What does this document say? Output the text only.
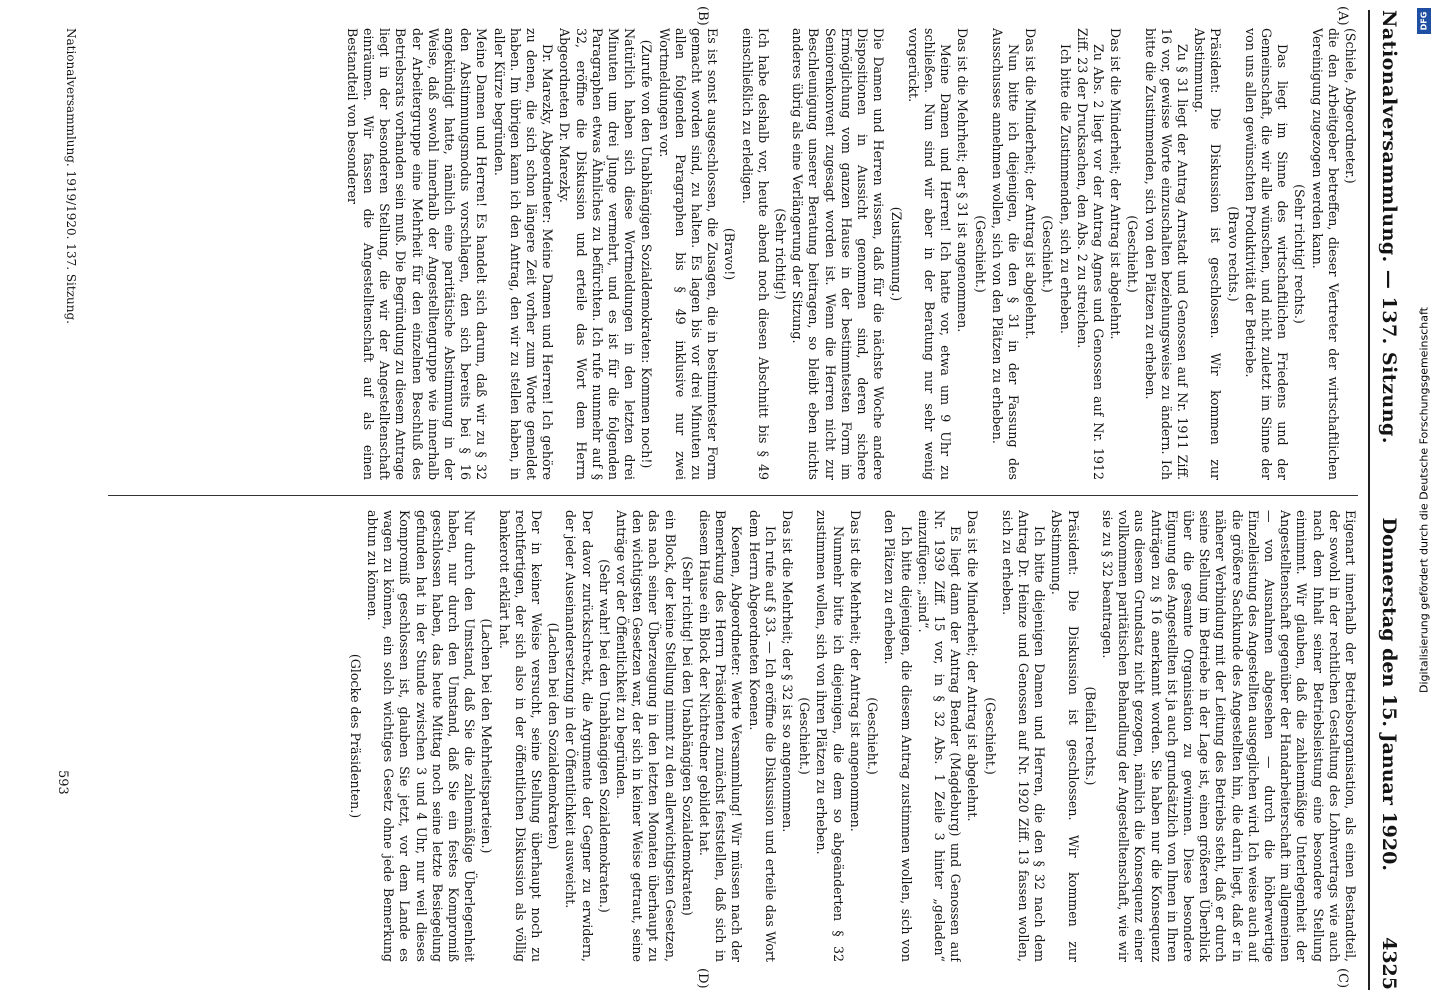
Nationalversammlung. — 137. Sitzung.
Donnerstag den 15. Januar 1920.          4325
(A)
(B)
(C)
(D)

(Schiele, Abgeordneter.)

die den Arbeitgeber betreffen, dieser Vertreter der wirtschaftlichen Vereinigung zugezogen werden kann.

(Sehr richtig! rechts.)

Das liegt im Sinne des wirtschaftlichen Friedens und der Gemeinschaft, die wir alle wünschen, und nicht zuletzt im Sinne der von uns allen gewünschten Produktivität der Betriebe.

(Bravo rechts.)

Präsident: Die Diskussion ist geschlossen. Wir kommen zur Abstimmung.

Zu § 31 liegt der Antrag Arnstadt und Genossen auf Nr. 1911 Ziff. 16 vor, gewisse Worte einzuschalten beziehungsweise zu ändern. Ich bitte die Zustimmenden, sich von den Plätzen zu erheben.

(Geschieht.)

Das ist die Minderheit; der Antrag ist abgelehnt.

Zu Abs. 2 liegt vor der Antrag Agnes und Genossen auf Nr. 1912 Ziff. 23 der Drucksachen, den Abs. 2 zu streichen.

Ich bitte die Zustimmenden, sich zu erheben.

(Geschieht.)

Das ist die Minderheit; der Antrag ist abgelehnt.

Nun bitte ich diejenigen, die den § 31 in der Fassung des Ausschusses annehmen wollen, sich von den Plätzen zu erheben.

(Geschieht.)

Das ist die Mehrheit; der § 31 ist angenommen.

Meine Damen und Herren! Ich hatte vor, etwa um 9 Uhr zu schließen. Nun sind wir aber in der Beratung nur sehr wenig vorgerückt.

(Zustimmung.)

Die Damen und Herren wissen, daß für die nächste Woche andere Dispositionen in Aussicht genommen sind, deren sichere Ermöglichung vom ganzen Hause in der bestimmtesten Form im Seniorenkonvent zugesagt worden ist. Wenn die Herren nicht zur Beschleunigung unserer Beratung beitragen, so bleibt eben nichts anderes übrig als eine Verlängerung der Sitzung.

(Sehr richtig!)

Ich habe deshalb vor, heute abend noch diesen Abschnitt bis § 49 einschließlich zu erledigen.

(Bravo!)

Es ist sonst ausgeschlossen, die Zusagen, die in bestimmtester Form gemacht worden sind, zu halten. Es lagen bis vor drei Minuten zu allen folgenden Paragraphen bis § 49 inklusive nur zwei Wortmeldungen vor.

(Zurufe von den Unabhängigen Sozialdemokraten: Kommen noch!)

Natürlich haben sich diese Wortmeldungen in den letzten drei Minuten um drei Junge vermehrt, und es ist für die folgenden Paragraphen etwas Ähnliches zu befürchten. Ich rufe nunmehr auf § 32, eröffne die Diskussion und erteile das Wort dem Herrn Abgeordneten Dr. Marezky.

Dr. Marezky, Abgeordneter: Meine Damen und Herren! Ich gehöre zu denen, die sich schon längere Zeit vorher zum Worte gemeldet haben. Im übrigen kann ich den Antrag, den wir zu stellen haben, in aller Kürze begründen.

Meine Damen und Herren! Es handelt sich darum, daß wir zu § 32 den Abstimmungsmodus vorschlagen, den sich bereits bei § 16 angekündigt hatte, nämlich eine paritätische Abstimmung in der Weise, daß sowohl innerhalb der Angestelltengruppe wie innerhalb der Arbeitergruppe eine Mehrheit für den einzelnen Beschluß des Betriebsrats vorhanden sein muß. Die Begründung zu diesem Antrage liegt in der besonderen Stellung, die wir der Angestelltenschaft einräumen. Wir fassen die Angestelltenschaft auf als einen Bestandteil von besonderer

Eigenart innerhalb der Betriebsorganisation, als einen Bestandteil, der sowohl in der rechtlichen Gestaltung des Lohnvertrags wie auch nach dem Inhalt seiner Betriebsleistung eine besondere Stellung einnimmt. Wir glauben, daß die zahlenmäßige Unterlegenheit der Angestelltenschaft gegenüber der Handarbeiterschaft im allgemeinen — von Ausnahmen abgesehen — durch die höherwertige Einzelleistung des Angestellten ausgeglichen wird. Ich weise auch auf die größere Sachkunde des Angestellten hin, die darin liegt, daß er in näherer Verbindung mit der Leitung des Betriebs steht, daß er durch seine Stellung im Betriebe in der Lage ist, einen größeren Überblick über die gesamte Organisation zu gewinnen. Diese besondere Eignung des Angestellten ist ja auch grundsätzlich von Ihnen in Ihren Anträgen zu § 16 anerkannt worden. Sie haben nur die Konsequenz aus diesem Grundsatz nicht gezogen, nämlich die Konsequenz einer vollkommen paritätischen Behandlung der Angestelltenschaft, wie wir sie zu § 32 beantragen.

(Beifall rechts.)

Präsident: Die Diskussion ist geschlossen. Wir kommen zur Abstimmung.

Ich bitte diejenigen Damen und Herren, die den § 32 nach dem Antrag Dr. Heinze und Genossen auf Nr. 1920 Ziff. 13 fassen wollen, sich zu erheben.

(Geschieht.)

Das ist die Minderheit; der Antrag ist abgelehnt.

Es liegt dann der Antrag Bender (Magdeburg) und Genossen auf Nr. 1939 Ziff. 15 vor, in § 32 Abs. 1 Zeile 3 hinter „geladen“ einzufügen: „sind“.

Ich bitte diejenigen, die diesem Antrag zustimmen wollen, sich von den Plätzen zu erheben.

(Geschieht.)

Das ist die Mehrheit; der Antrag ist angenommen.

Nunmehr bitte ich diejenigen, die dem so abgeänderten § 32 zustimmen wollen, sich von ihren Plätzen zu erheben.

(Geschieht.)

Das ist die Mehrheit; der § 32 ist so angenommen.

Ich rufe auf § 33. — Ich eröffne die Diskussion und erteile das Wort dem Herrn Abgeordneten Koenen.

Koenen, Abgeordneter: Werte Versammlung! Wir müssen nach der Bemerkung des Herrn Präsidenten zunächst feststellen, daß sich in diesem Hause ein Block der Nichtredner gebildet hat.

(Sehr richtig! bei den Unabhängigen Sozialdemokraten)

ein Block, der keine Stellung nimmt zu den allerwichtigsten Gesetzen, das nach seiner Überzeugung in den letzten Monaten überhaupt zu den wichtigsten Gesetzen war, der sich in keiner Weise getraut, seine Anträge vor der Öffentlichkeit zu begründen.

(Sehr wahr! bei den Unabhängigen Sozialdemokraten.)

Der davor zurückschreckt, die Argumente der Gegner zu erwidern, der jeder Auseinandersetzung in der Öffentlichkeit ausweicht.

(Lachen bei den Sozialdemokraten)

Der in keiner Weise versucht, seine Stellung überhaupt noch zu rechtfertigen, der sich also in der öffentlichen Diskussion als völlig bankerott erklärt hat.

(Lachen bei den Mehrheitsparteien.)

Nur durch den Umstand, daß Sie die zahlenmäßige Überlegenheit haben, nur durch den Umstand, daß Sie ein festes Kompromiß geschlossen haben, das heute Mittag noch seine letzte Besiegelung gefunden hat in der Stunde zwischen 3 und 4 Uhr, nur weil dieses Kompromiß geschlossen ist, glauben Sie jetzt, vor dem Lande es wagen zu können, ein solch wichtiges Gesetz ohne jede Bemerkung abtun zu können.

(Glocke des Präsidenten.)

Nationalversammlung. 1919/1920. 137. Sitzung.
593
DFG
Digitalisierung gefördert durch die Deutsche Forschungsgemeinschaft
